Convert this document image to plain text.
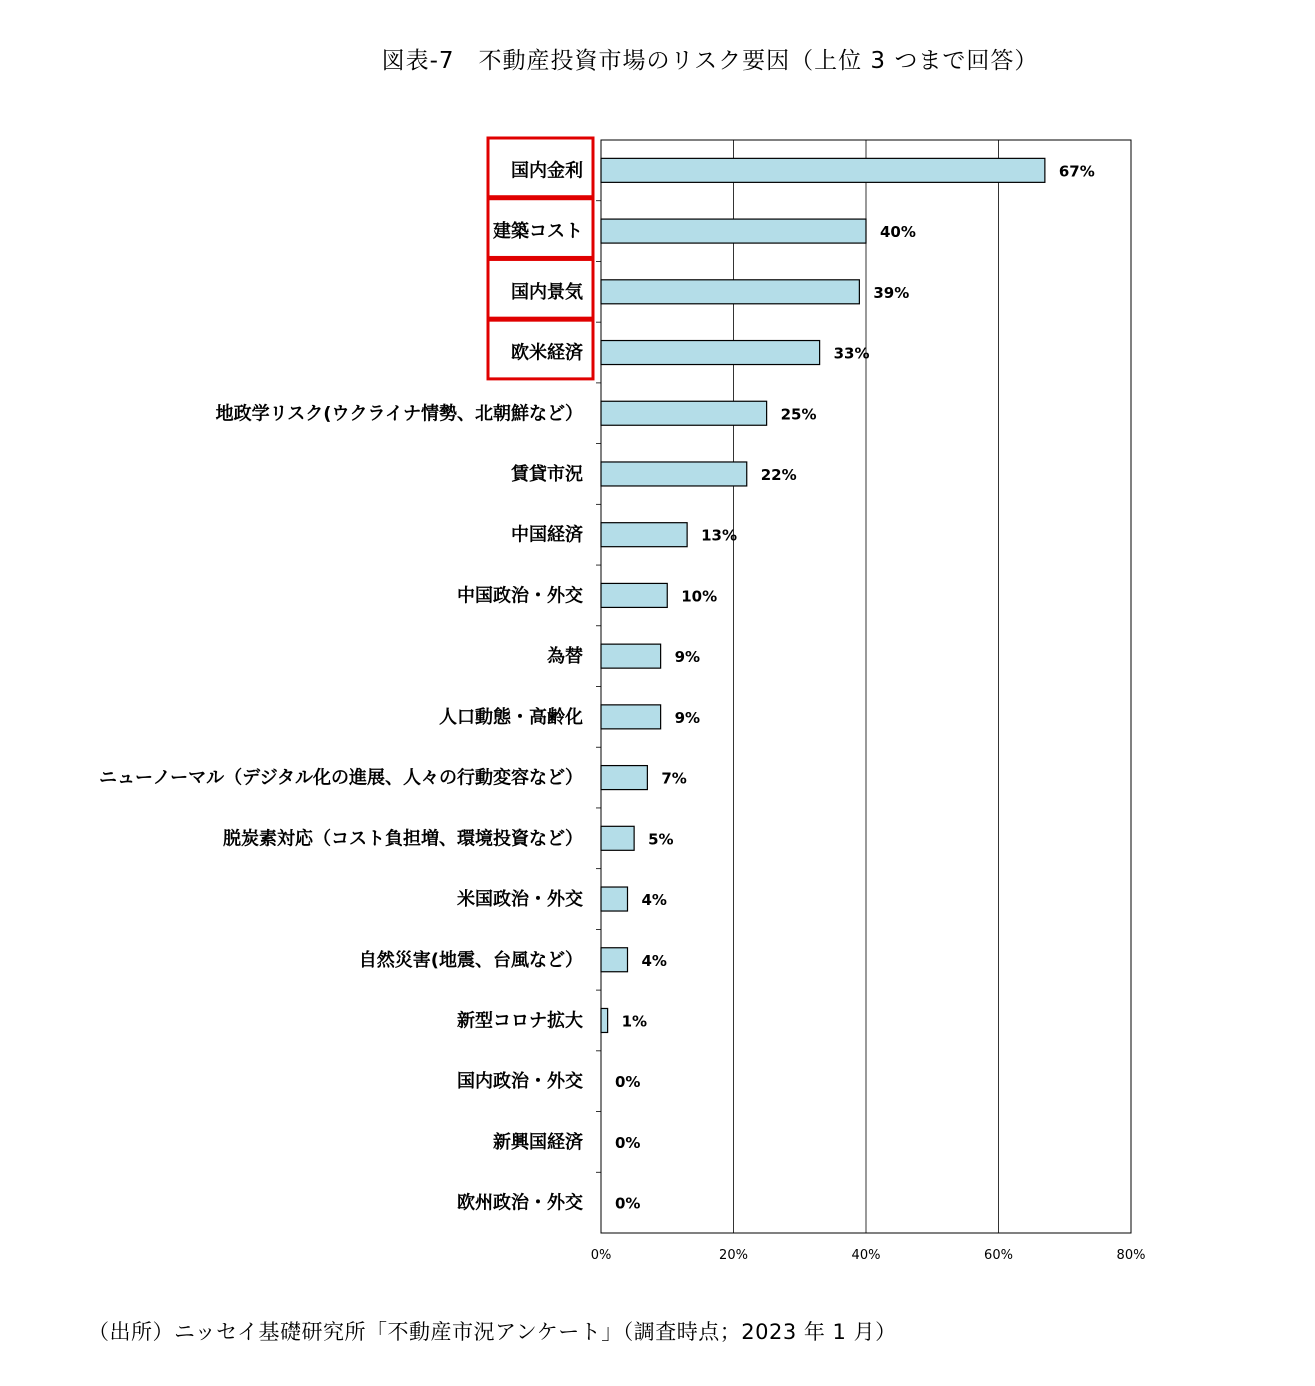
図表-7　不動産投資市場のリスク要因（上位 3 つまで回答）
国内金利	67%
建築コスト	40%
国内景気	39%
欧米経済	33%
地政学リスク(ウクライナ情勢、北朝鮮など）	25%
賃貸市況	22%
中国経済	13%
中国政治・外交	10%
為替	9%
人口動態・高齢化	9%
ニューノーマル（デジタル化の進展、人々の行動変容など）	7%
脱炭素対応（コスト負担増、環境投資など）	5%
米国政治・外交	4%
自然災害(地震、台風など）	4%
新型コロナ拡大	1%
国内政治・外交 0%
新興国経済 0%
欧州政治・外交 0%
0%	20%	40%	60%	80%
（出所）ニッセイ基礎研究所「不動産市況アンケート」（調査時点；2023 年 1 月）
